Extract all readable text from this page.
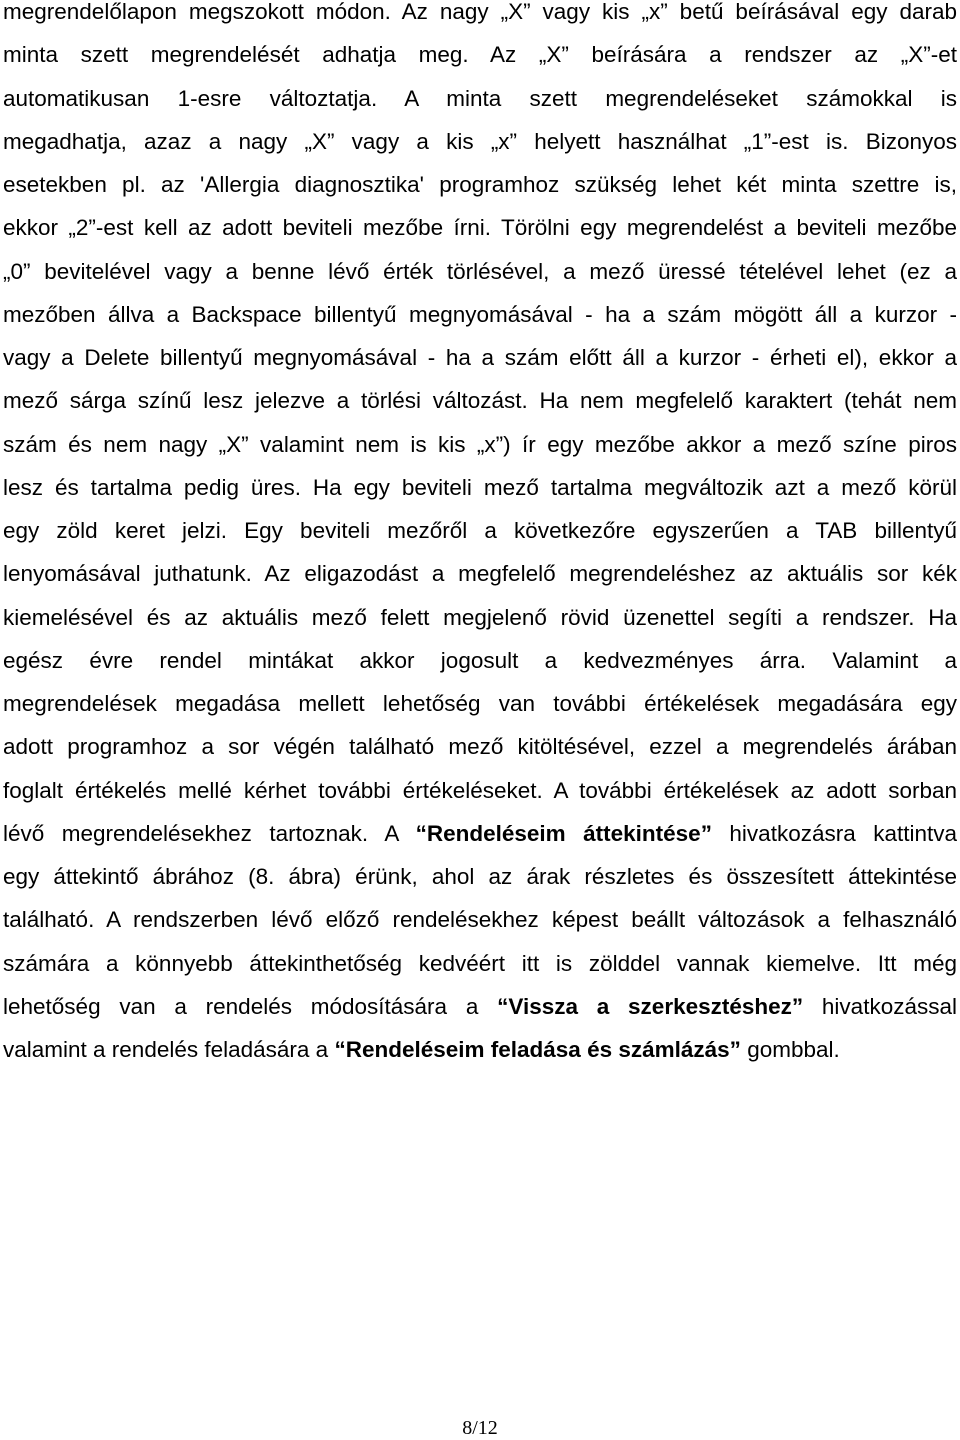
megrendelőlapon megszokott módon. Az nagy „X” vagy kis „x” betű beírásával egy darab
minta szett megrendelését adhatja meg. Az „X” beírására a rendszer az „X”-et
automatikusan 1-esre változtatja. A minta szett megrendeléseket számokkal is
megadhatja, azaz a nagy „X” vagy a kis „x” helyett használhat „1”-est is. Bizonyos
esetekben pl. az 'Allergia diagnosztika' programhoz szükség lehet két minta szettre is,
ekkor „2”-est kell az adott beviteli mezőbe írni. Törölni egy megrendelést a beviteli mezőbe
„0” bevitelével vagy a benne lévő érték törlésével, a mező üressé tételével lehet (ez a
mezőben állva a Backspace billentyű megnyomásával - ha a szám mögött áll a kurzor -
vagy a Delete billentyű megnyomásával - ha a szám előtt áll a kurzor - érheti el), ekkor a
mező sárga színű lesz jelezve a törlési változást. Ha nem megfelelő karaktert (tehát nem
szám és nem nagy „X” valamint nem is kis „x”) ír egy mezőbe akkor a mező színe piros
lesz és tartalma pedig üres. Ha egy beviteli mező tartalma megváltozik azt a mező körül
egy zöld keret jelzi. Egy beviteli mezőről a következőre egyszerűen a TAB billentyű
lenyomásával juthatunk. Az eligazodást a megfelelő megrendeléshez az aktuális sor kék
kiemelésével és az aktuális mező felett megjelenő rövid üzenettel segíti a rendszer. Ha
egész évre rendel mintákat akkor jogosult a kedvezményes árra. Valamint a
megrendelések megadása mellett lehetőség van további értékelések megadására egy
adott programhoz a sor végén található mező kitöltésével, ezzel a megrendelés árában
foglalt értékelés mellé kérhet további értékeléseket. A további értékelések az adott sorban
lévő megrendelésekhez tartoznak. A “Rendeléseim áttekintése” hivatkozásra kattintva
egy áttekintő ábrához (8. ábra) érünk, ahol az árak részletes és összesített áttekintése
található. A rendszerben lévő előző rendelésekhez képest beállt változások a felhasználó
számára a könnyebb áttekinthetőség kedvéért itt is zölddel vannak kiemelve. Itt még
lehetőség van a rendelés módosítására a “Vissza a szerkesztéshez” hivatkozással
valamint a rendelés feladására a “Rendeléseim feladása és számlázás” gombbal.
8/12
